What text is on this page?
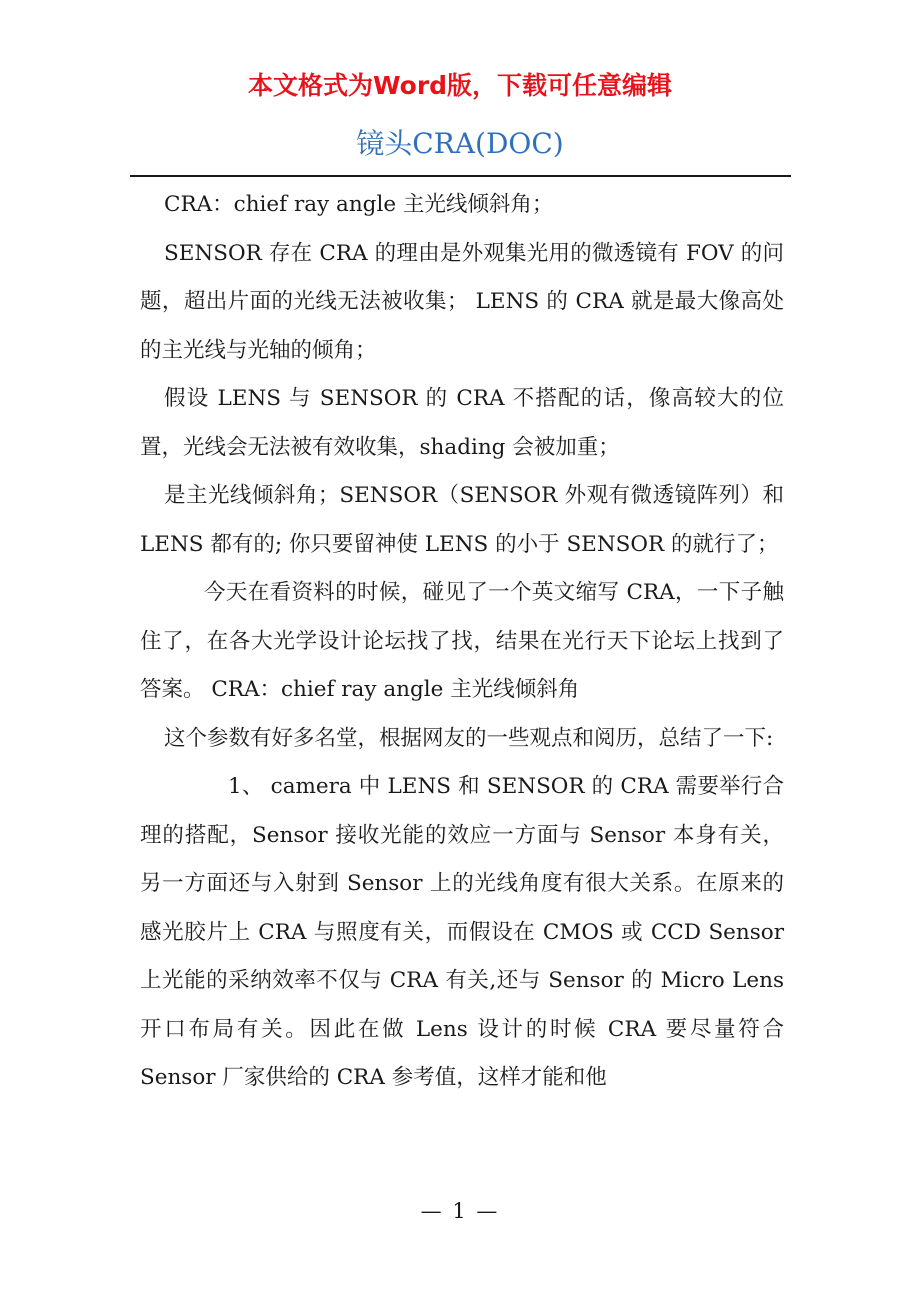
本文格式为Word版，下载可任意编辑
镜头CRA(DOC)

CRA：chief ray angle 主光线倾斜角；

SENSOR 存在 CRA 的理由是外观集光用的微透镜有 FOV 的问题，超出片面的光线无法被收集； LENS 的 CRA 就是最大像高处的主光线与光轴的倾角；

假设 LENS 与 SENSOR 的 CRA 不搭配的话，像高较大的位置，光线会无法被有效收集，shading 会被加重；

是主光线倾斜角；SENSOR（SENSOR 外观有微透镜阵列）和 LENS 都有的; 你只要留神使 LENS 的小于 SENSOR 的就行了；

今天在看资料的时候，碰见了一个英文缩写 CRA，一下子触住了，在各大光学设计论坛找了找，结果在光行天下论坛上找到了答案。 CRA：chief ray angle 主光线倾斜角

这个参数有好多名堂，根据网友的一些观点和阅历，总结了一下:

1、 camera 中 LENS 和 SENSOR 的 CRA 需要举行合理的搭配，Sensor 接收光能的效应一方面与 Sensor 本身有关，另一方面还与入射到 Sensor 上的光线角度有很大关系。在原来的感光胶片上 CRA 与照度有关，而假设在 CMOS 或 CCD Sensor 上光能的采纳效率不仅与 CRA 有关,还与 Sensor 的 Micro Lens 开口布局有关。因此在做 Lens 设计的时候 CRA 要尽量符合 Sensor 厂家供给的 CRA 参考值，这样才能和他

— 1 —
